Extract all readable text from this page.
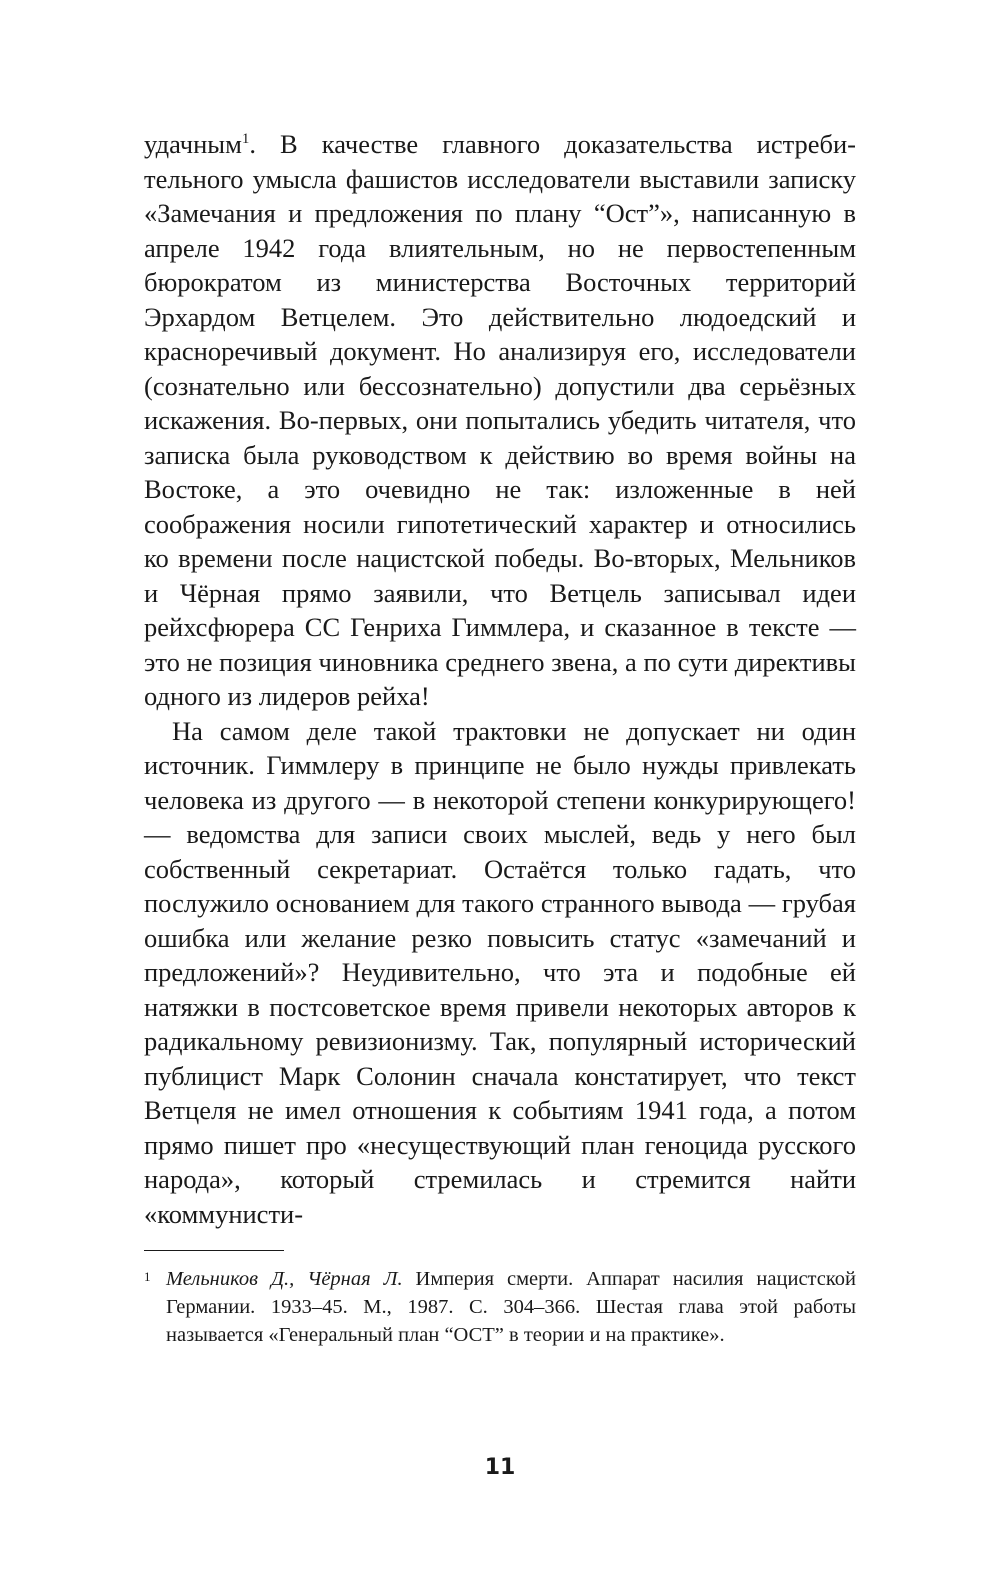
удачным$^1$. В качестве главного доказательства истребительного умысла фашистов исследователи выставили записку «Замечания и предложения по плану “Ост”», написанную в апреле 1942 года влиятельным, но не первостепенным бюрократом из министерства Восточных территорий Эрхардом Ветцелем. Это действительно людоедский и красноречивый документ. Но анализируя его, исследователи (сознательно или бессознательно) допустили два серьёзных искажения. Во-первых, они попытались убедить читателя, что записка была руководством к действию во время войны на Востоке, а это очевидно не так: изложенные в ней соображения носили гипотетический характер и относились ко времени после нацистской победы. Во-вторых, Мельников и Чёрная прямо заявили, что Ветцель записывал идеи рейхсфюрера СС Генриха Гиммлера, и сказанное в тексте — это не позиция чиновника среднего звена, а по сути директивы одного из лидеров рейха!

На самом деле такой трактовки не допускает ни один источник. Гиммлеру в принципе не было нужды привлекать человека из другого — в некоторой степени конкурирующего! — ведомства для записи своих мыслей, ведь у него был собственный секретариат. Остаётся только гадать, что послужило основанием для такого странного вывода — грубая ошибка или желание резко повысить статус «замечаний и предложений»? Неудивительно, что эта и подобные ей натяжки в постсоветское время привели некоторых авторов к радикальному ревизионизму. Так, популярный исторический публицист Марк Солонин сначала констатирует, что текст Ветцеля не имел отношения к событиям 1941 года, а потом прямо пишет про «несуществующий план геноцида русского народа», который стремилась и стремится найти «коммунисти-

1 Мельников Д., Чёрная Л. Империя смерти. Аппарат насилия нацистской Германии. 1933–45. М., 1987. С. 304–366. Шестая глава этой работы называется «Генеральный план “ОСТ” в теории и на практике».
11
